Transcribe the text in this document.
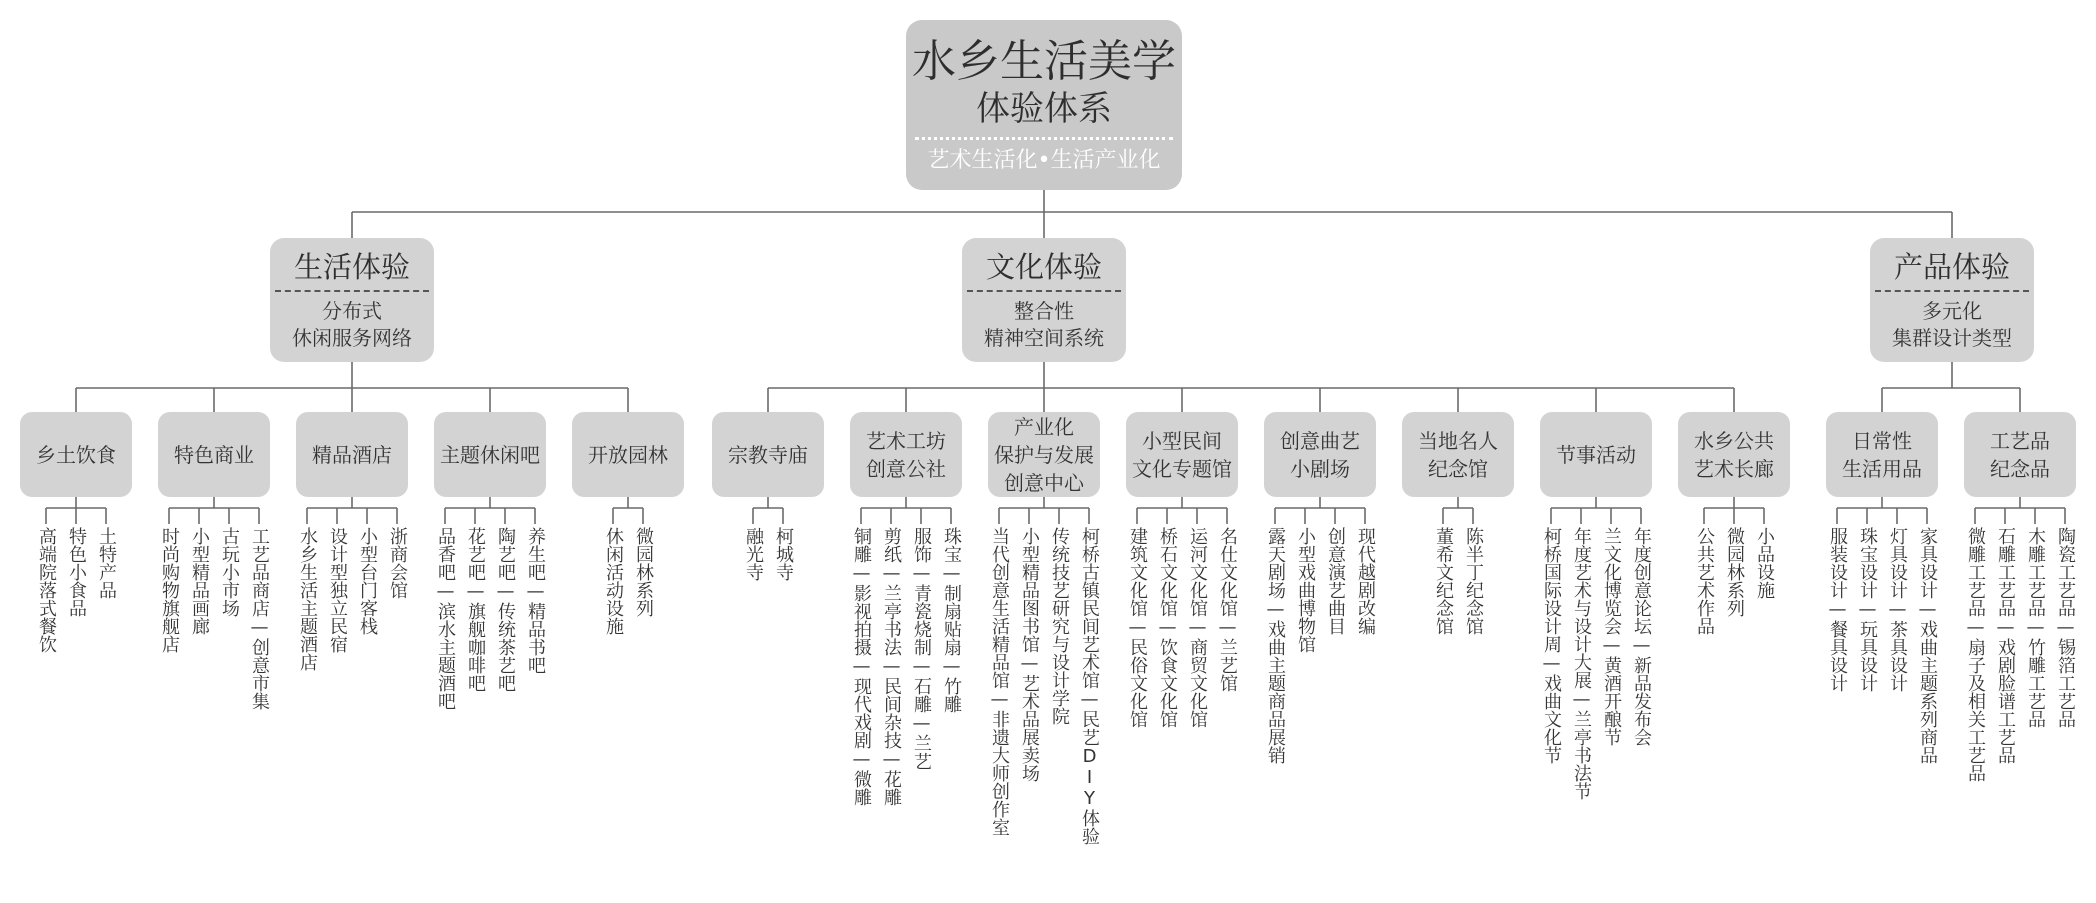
水乡生活美学
体验体系
艺术生活化•生活产业化
生活体验
分布式
休闲服务网络
乡土饮食
高端院落式餐饮 特色小食品 土特产品
特色商业
时尚购物旗舰店 小型精品画廊 古玩小市场 工艺品商店—创意市集
精品酒店
水乡生活主题酒店 设计型独立民宿 小型台门客栈 浙商会馆
主题休闲吧
品香吧—滨水主题酒吧 花艺吧—旗舰咖啡吧 陶艺吧—传统茶艺吧 养生吧—精品书吧
开放园林
休闲活动设施 微园林系列
文化体验
整合性
精神空间系统
宗教寺庙
融光寺 柯城寺
艺术工坊
创意公社
铜雕—影视拍摄—现代戏剧—微雕 剪纸—兰亭书法—民间杂技—花雕 服饰—青瓷烧制—石雕—兰艺 珠宝—制扇贴扇—竹雕
产业化
保护与发展
创意中心
当代创意生活精品馆—非遗大师创作室 小型精品图书馆—艺术品展卖场 传统技艺研究与设计学院 柯桥古镇民间艺术馆—民艺DIY体验
小型民间
文化专题馆
建筑文化馆—民俗文化馆 桥石文化馆—饮食文化馆 运河文化馆—商贸文化馆 名仕文化馆—兰艺馆
创意曲艺
小剧场
露天剧场—戏曲主题商品展销 小型戏曲博物馆 创意演艺曲目 现代越剧改编
当地名人
纪念馆
董希文纪念馆 陈半丁纪念馆
节事活动
柯桥国际设计周—戏曲文化节 年度艺术与设计大展—兰亭书法节 兰文化博览会—黄酒开酿节 年度创意论坛—新品发布会
水乡公共
艺术长廊
公共艺术作品 微园林系列 小品设施
产品体验
多元化
集群设计类型
日常性
生活用品
服装设计—餐具设计 珠宝设计—玩具设计 灯具设计—茶具设计 家具设计—戏曲主题系列商品
工艺品
纪念品
微雕工艺品—扇子及相关工艺品 石雕工艺品—戏剧脸谱工艺品 木雕工艺品—竹雕工艺品 陶瓷工艺品—锡箔工艺品
